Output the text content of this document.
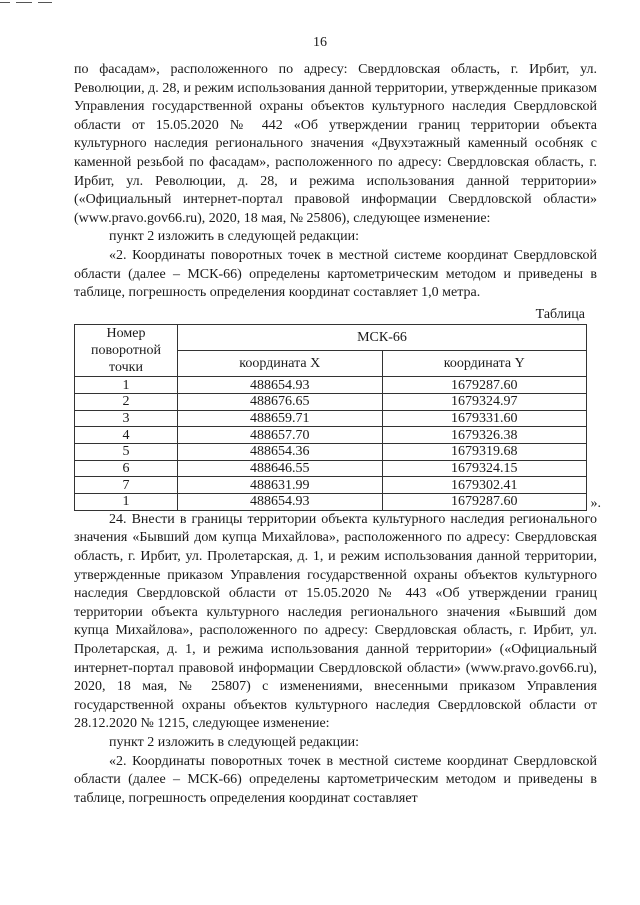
16

по фасадам», расположенного по адресу: Свердловская область, г. Ирбит, ул. Революции, д. 28, и режим использования данной территории, утвержденные приказом Управления государственной охраны объектов культурного наследия Свердловской области от 15.05.2020 № 442 «Об утверждении границ территории объекта культурного наследия регионального значения «Двухэтажный каменный особняк с каменной резьбой по фасадам», расположенного по адресу: Свердловская область, г. Ирбит, ул. Революции, д. 28, и режима использования данной территории» («Официальный интернет-портал правовой информации Свердловской области» (www.pravo.gov66.ru), 2020, 18 мая, № 25806), следующее изменение:

пункт 2 изложить в следующей редакции:

«2. Координаты поворотных точек в местной системе координат Свердловской области (далее – МСК-66) определены картометрическим методом и приведены в таблице, погрешность определения координат составляет 1,0 метра.

Таблица
Номер поворотной точки	МСК-66	
	координата X	координата Y
1	488654.93	1679287.60
2	488676.65	1679324.97
3	488659.71	1679331.60
4	488657.70	1679326.38
5	488654.36	1679319.68
6	488646.55	1679324.15
7	488631.99	1679302.41
1	488654.93	1679287.60	».

24. Внести в границы территории объекта культурного наследия регионального значения «Бывший дом купца Михайлова», расположенного по адресу: Свердловская область, г. Ирбит, ул. Пролетарская, д. 1, и режим использования данной территории, утвержденные приказом Управления государственной охраны объектов культурного наследия Свердловской области от 15.05.2020 № 443 «Об утверждении границ территории объекта культурного наследия регионального значения «Бывший дом купца Михайлова», расположенного по адресу: Свердловская область, г. Ирбит, ул. Пролетарская, д. 1, и режима использования данной территории» («Официальный интернет-портал правовой информации Свердловской области» (www.pravo.gov66.ru), 2020, 18 мая, № 25807) с изменениями, внесенными приказом Управления государственной охраны объектов культурного наследия Свердловской области от 28.12.2020 № 1215, следующее изменение:

пункт 2 изложить в следующей редакции:

«2. Координаты поворотных точек в местной системе координат Свердловской области (далее – МСК-66) определены картометрическим методом и приведены в таблице, погрешность определения координат составляет
